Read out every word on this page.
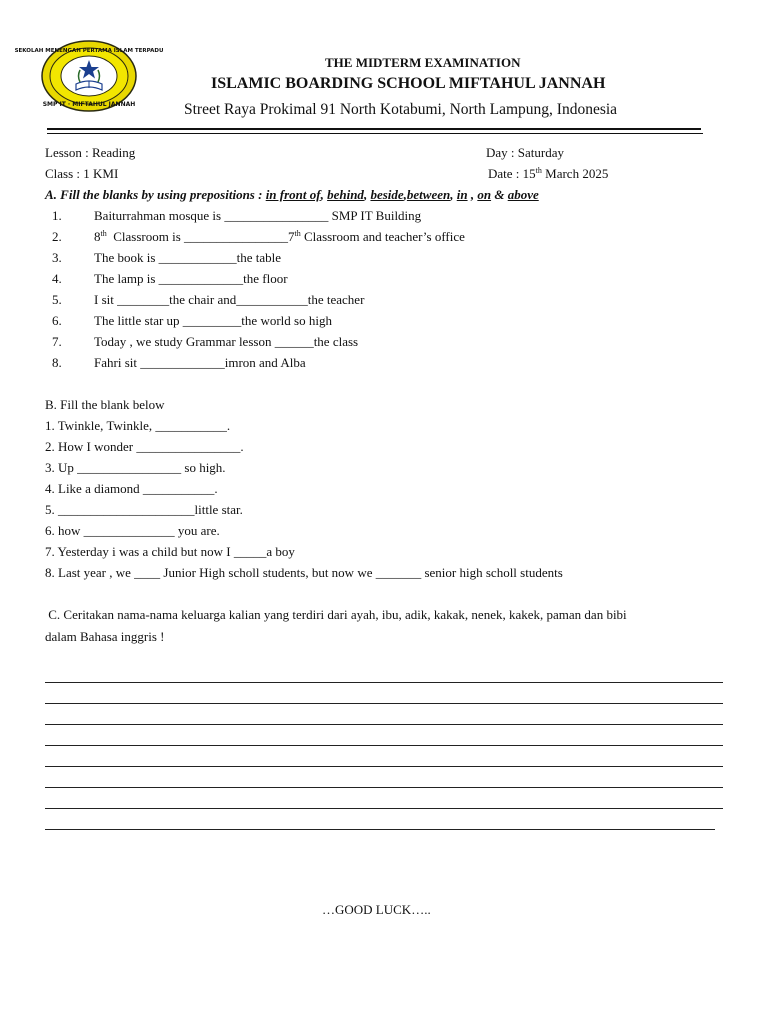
SEKOLAH MENENGAH PERTAMA ISLAM TERPADU
SMP IT · MIFTAHUL JANNAH
THE MIDTERM EXAMINATION
ISLAMIC BOARDING SCHOOL MIFTAHUL JANNAH
Street Raya Prokimal 91 North Kotabumi, North Lampung, Indonesia
Lesson : Reading	Day : Saturday
Class : 1 KMI	Date : 15th March 2025
A. Fill the blanks by using prepositions : in front of, behind, beside,between, in , on & above
1. Baiturrahman mosque is ________________ SMP IT Building
2. 8th  Classroom is ________________7th Classroom and teacher’s office
3. The book is ____________the table
4. The lamp is _____________the floor
5. I sit ________the chair and___________the teacher
6. The little star up _________the world so high
7. Today , we study Grammar lesson ______the class
8. Fahri sit _____________imron and Alba
B. Fill the blank below
1. Twinkle, Twinkle, ___________.
2. How I wonder ________________.
3. Up ________________ so high.
4. Like a diamond ___________.
5. _____________________little star.
6. how ______________ you are.
7. Yesterday i was a child but now I _____a boy
8. Last year , we ____ Junior High scholl students, but now we _______ senior high scholl students
C. Ceritakan nama-nama keluarga kalian yang terdiri dari ayah, ibu, adik, kakak, nenek, kakek, paman dan bibi
dalam Bahasa inggris !
…GOOD LUCK…..
